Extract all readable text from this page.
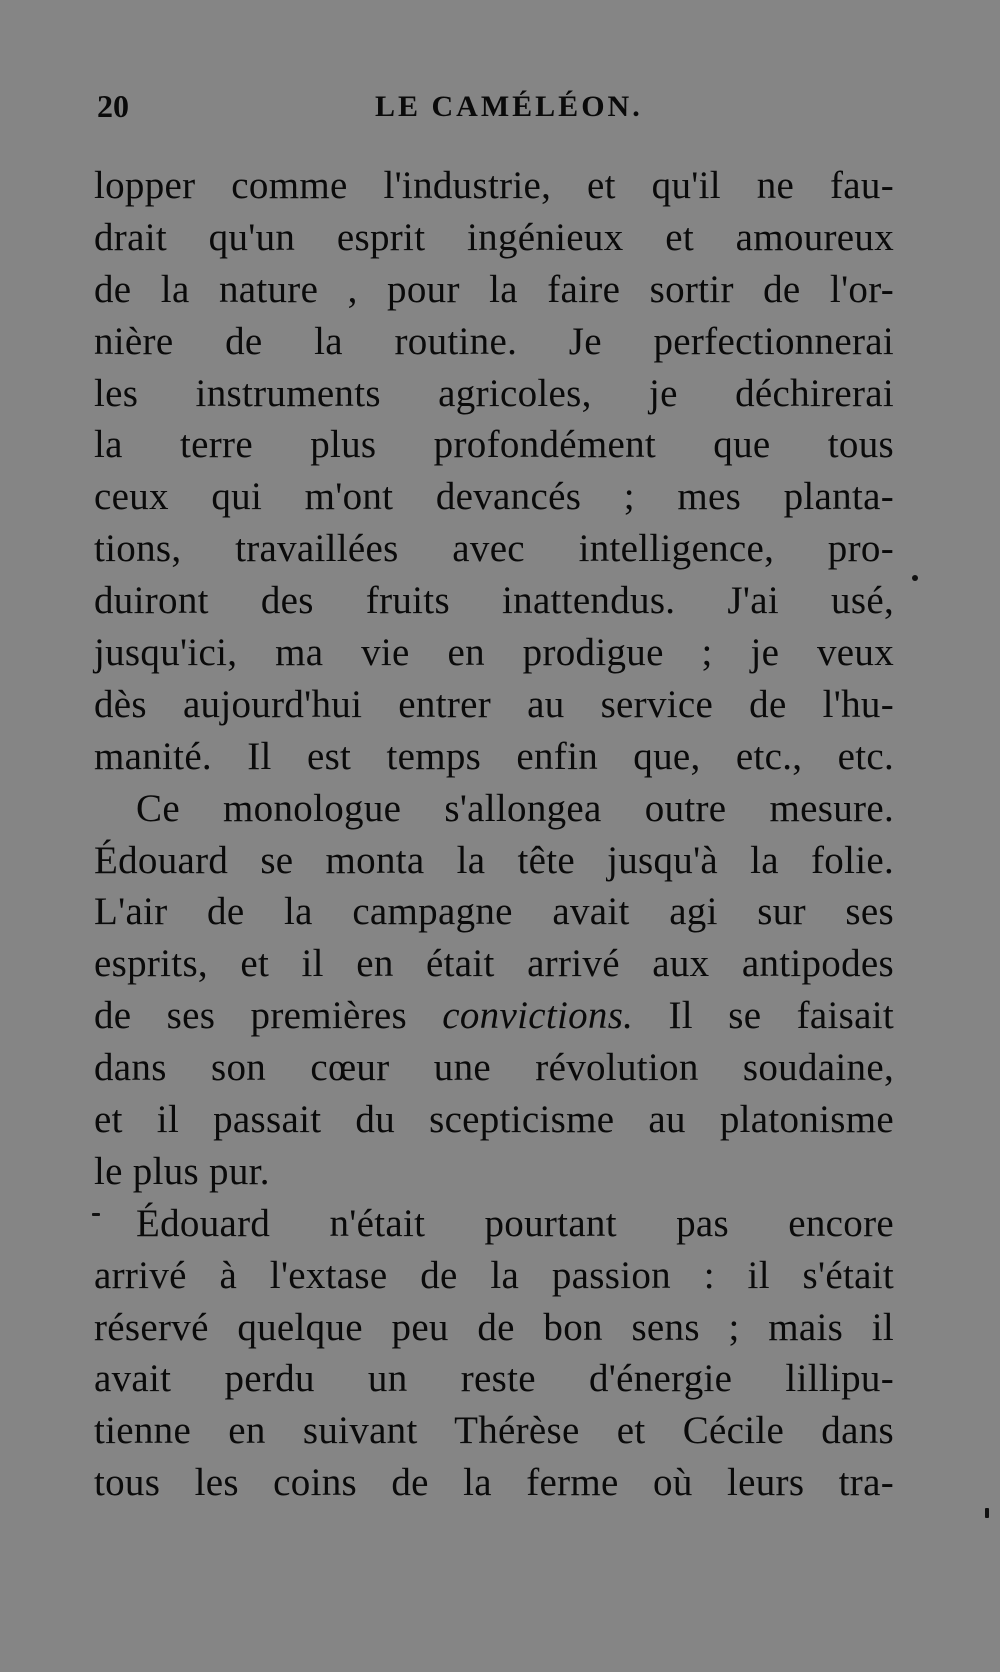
20	LE CAMÉLÉON.
lopper comme l'industrie, et qu'il ne fau-
drait qu'un esprit ingénieux et amoureux
de la nature , pour la faire sortir de l'or-
nière de la routine. Je perfectionnerai
les instruments agricoles, je déchirerai
la terre plus profondément que tous
ceux qui m'ont devancés ; mes planta-
tions, travaillées avec intelligence, pro-
duiront des fruits inattendus. J'ai usé,
jusqu'ici, ma vie en prodigue ; je veux
dès aujourd'hui entrer au service de l'hu-
manité. Il est temps enfin que, etc., etc.
Ce monologue s'allongea outre mesure.
Édouard se monta la tête jusqu'à la folie.
L'air de la campagne avait agi sur ses
esprits, et il en était arrivé aux antipodes
de ses premières convictions. Il se faisait
dans son cœur une révolution soudaine,
et il passait du scepticisme au platonisme
le plus pur.
Édouard n'était pourtant pas encore
arrivé à l'extase de la passion : il s'était
réservé quelque peu de bon sens ; mais il
avait perdu un reste d'énergie lillipu-
tienne en suivant Thérèse et Cécile dans
tous les coins de la ferme où leurs tra-
